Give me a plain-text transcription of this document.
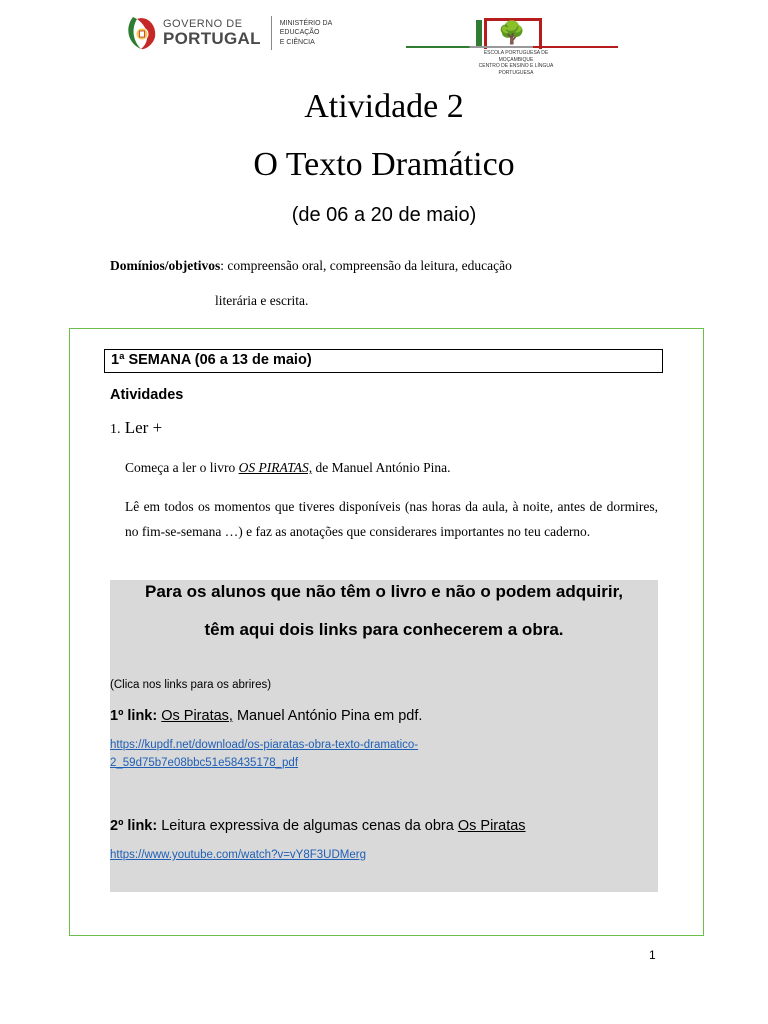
GOVERNO DE
PORTUGAL
MINISTÉRIO DA EDUCAÇÃO
E CIÊNCIA	🌳
ESCOLA PORTUGUESA DE MOÇAMBIQUE
CENTRO DE ENSINO E LÍNGUA PORTUGUESA
Atividade 2
O Texto Dramático
(de 06 a 20 de maio)
Domínios/objetivos: compreensão oral, compreensão da leitura, educação
literária e escrita.
1ª SEMANA (06 a 13 de maio)
Atividades
1. Ler +
Começa a ler o livro OS PIRATAS, de Manuel António Pina.
Lê em todos os momentos que tiveres disponíveis (nas horas da aula, à noite, antes de dormires, no fim-se-semana …) e faz as anotações que considerares importantes no teu caderno.
Para os alunos que não têm o livro e não o podem adquirir,
têm aqui dois links para conhecerem a obra.
(Clica nos links para os abrires)
1º link: Os Piratas, Manuel António Pina em pdf.
https://kupdf.net/download/os-piaratas-obra-texto-dramatico-
2_59d75b7e08bbc51e58435178_pdf
2º link: Leitura expressiva de algumas cenas da obra Os Piratas
https://www.youtube.com/watch?v=vY8F3UDMerg
1
